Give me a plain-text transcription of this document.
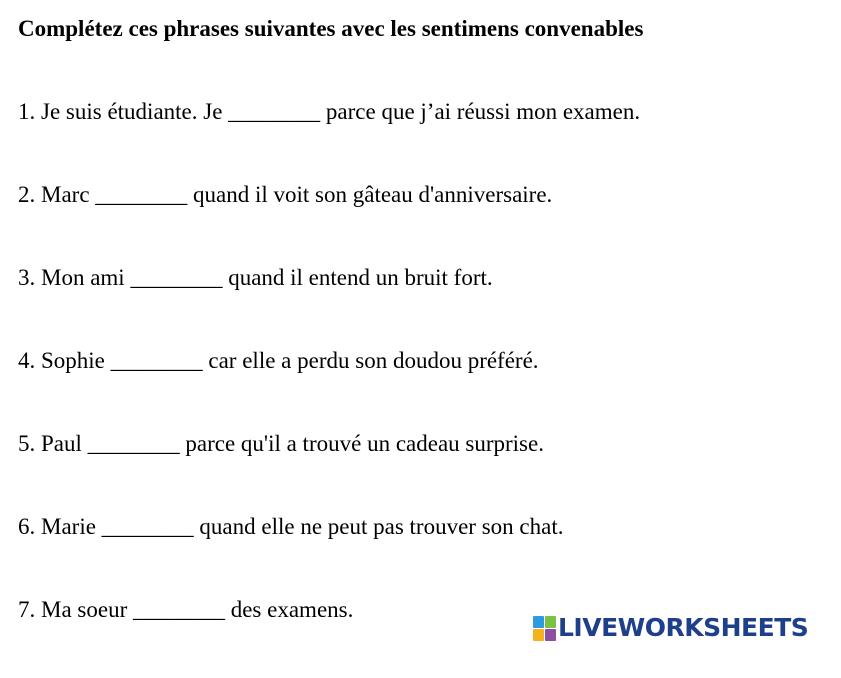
Complétez ces phrases suivantes avec les sentimens convenables
1. Je suis étudiante. Je ________ parce que j’ai réussi mon examen.
2. Marc ________ quand il voit son gâteau d'anniversaire.
3. Mon ami ________ quand il entend un bruit fort.
4. Sophie ________ car elle a perdu son doudou préféré.
5. Paul ________ parce qu'il a trouvé un cadeau surprise.
6. Marie ________ quand elle ne peut pas trouver son chat.
7. Ma soeur ________ des examens.
LIVEWORKSHEETS
